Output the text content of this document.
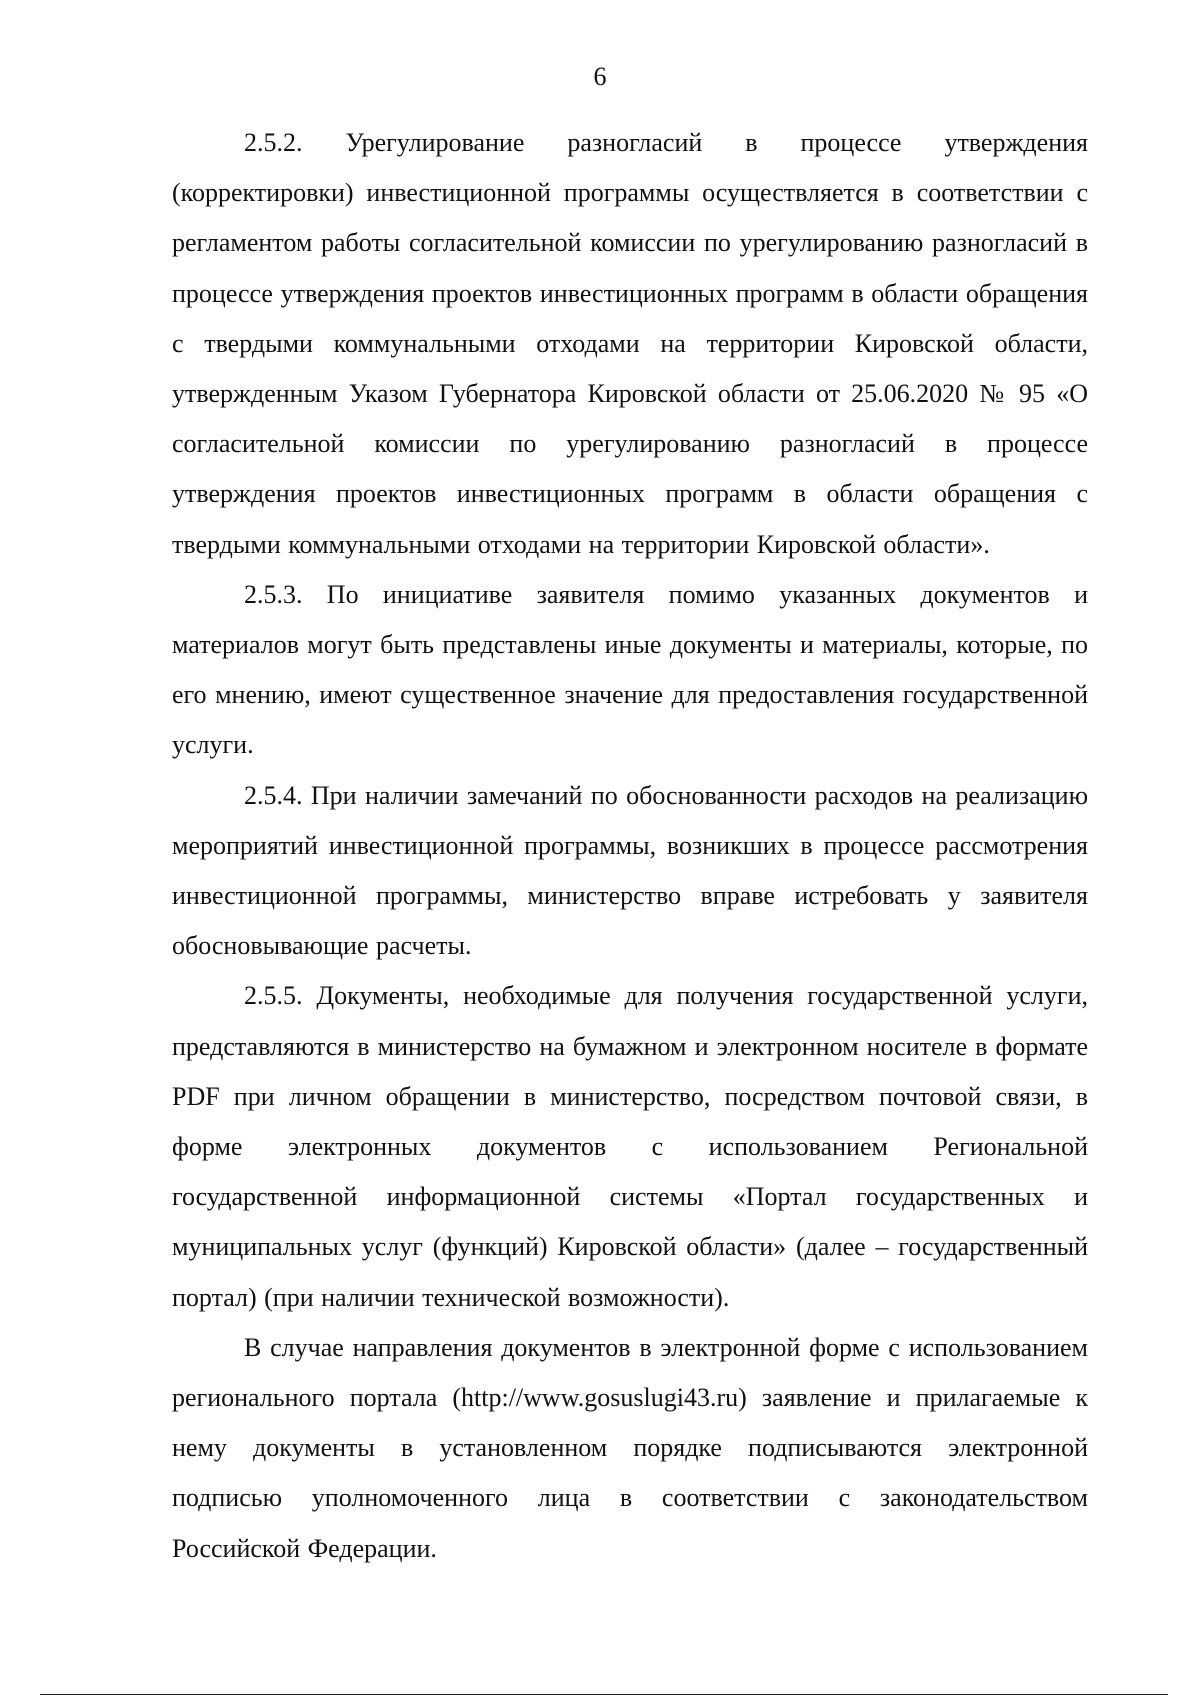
6

2.5.2. Урегулирование разногласий в процессе утверждения (корректировки) инвестиционной программы осуществляется в соответствии с регламентом работы согласительной комиссии по урегулированию разногласий в процессе утверждения проектов инвестиционных программ в области обращения с твердыми коммунальными отходами на территории Кировской области, утвержденным Указом Губернатора Кировской области от 25.06.2020 № 95 «О согласительной комиссии по урегулированию разногласий в процессе утверждения проектов инвестиционных программ в области обращения с твердыми коммунальными отходами на территории Кировской области».

2.5.3. По инициативе заявителя помимо указанных документов и материалов могут быть представлены иные документы и материалы, которые, по его мнению, имеют существенное значение для предоставления государственной услуги.

2.5.4. При наличии замечаний по обоснованности расходов на реализацию мероприятий инвестиционной программы, возникших в процессе рассмотрения инвестиционной программы, министерство вправе истребовать у заявителя обосновывающие расчеты.

2.5.5. Документы, необходимые для получения государственной услуги, представляются в министерство на бумажном и электронном носителе в формате PDF при личном обращении в министерство, посредством почтовой связи, в форме электронных документов с использованием Региональной государственной информационной системы «Портал государственных и муниципальных услуг (функций) Кировской области» (далее – государственный портал) (при наличии технической возможности).

В случае направления документов в электронной форме с использованием регионального портала (http://www.gosuslugi43.ru) заявление и прилагаемые к нему документы в установленном порядке подписываются электронной подписью уполномоченного лица в соответствии с законодательством Российской Федерации.
